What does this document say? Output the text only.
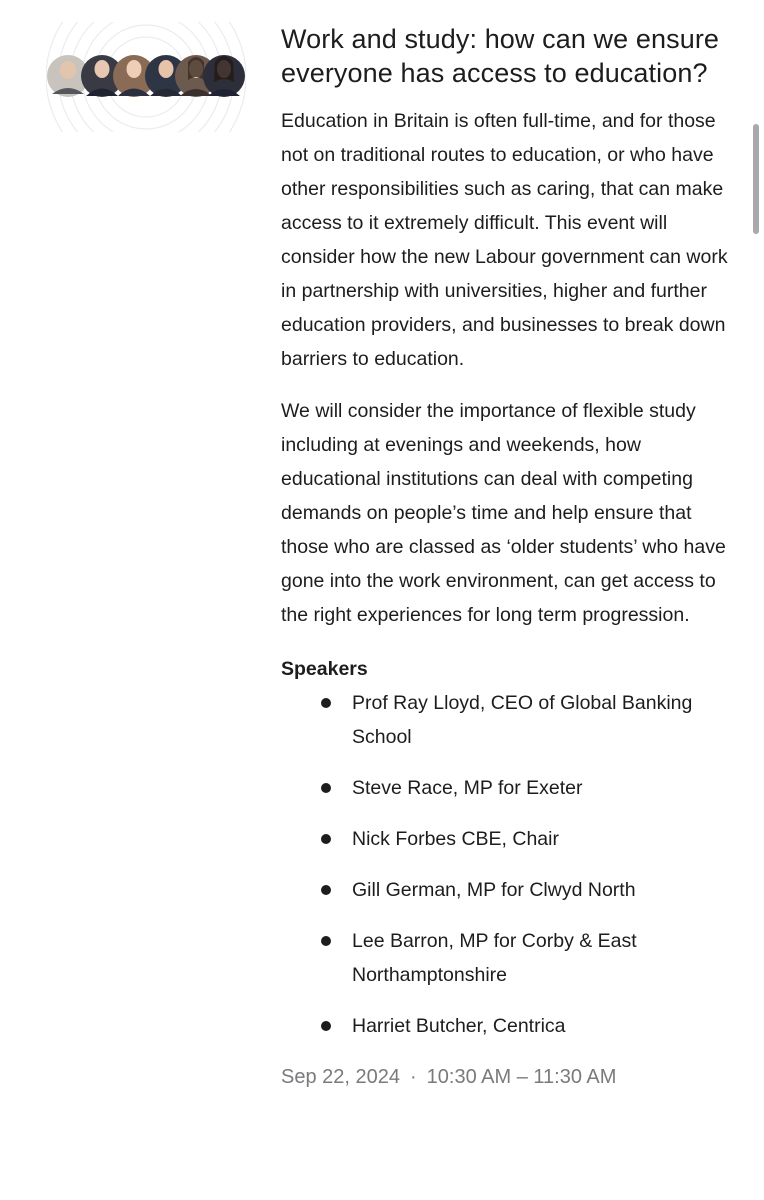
Work and study: how can we ensure everyone has access to education?

Education in Britain is often full-time, and for those not on traditional routes to education, or who have other responsibilities such as caring, that can make access to it extremely difficult. This event will consider how the new Labour government can work in partnership with universities, higher and further education providers, and businesses to break down barriers to education.

We will consider the importance of flexible study including at evenings and weekends, how educational institutions can deal with competing demands on people’s time and help ensure that those who are classed as ‘older students’ who have gone into the work environment, can get access to the right experiences for long term progression.

Speakers
Prof Ray Lloyd, CEO of Global Banking School
Steve Race, MP for Exeter
Nick Forbes CBE, Chair
Gill German, MP for Clwyd North
Lee Barron, MP for Corby & East Northamptonshire
Harriet Butcher, Centrica
Sep 22, 2024 · 10:30 AM – 11:30 AM
